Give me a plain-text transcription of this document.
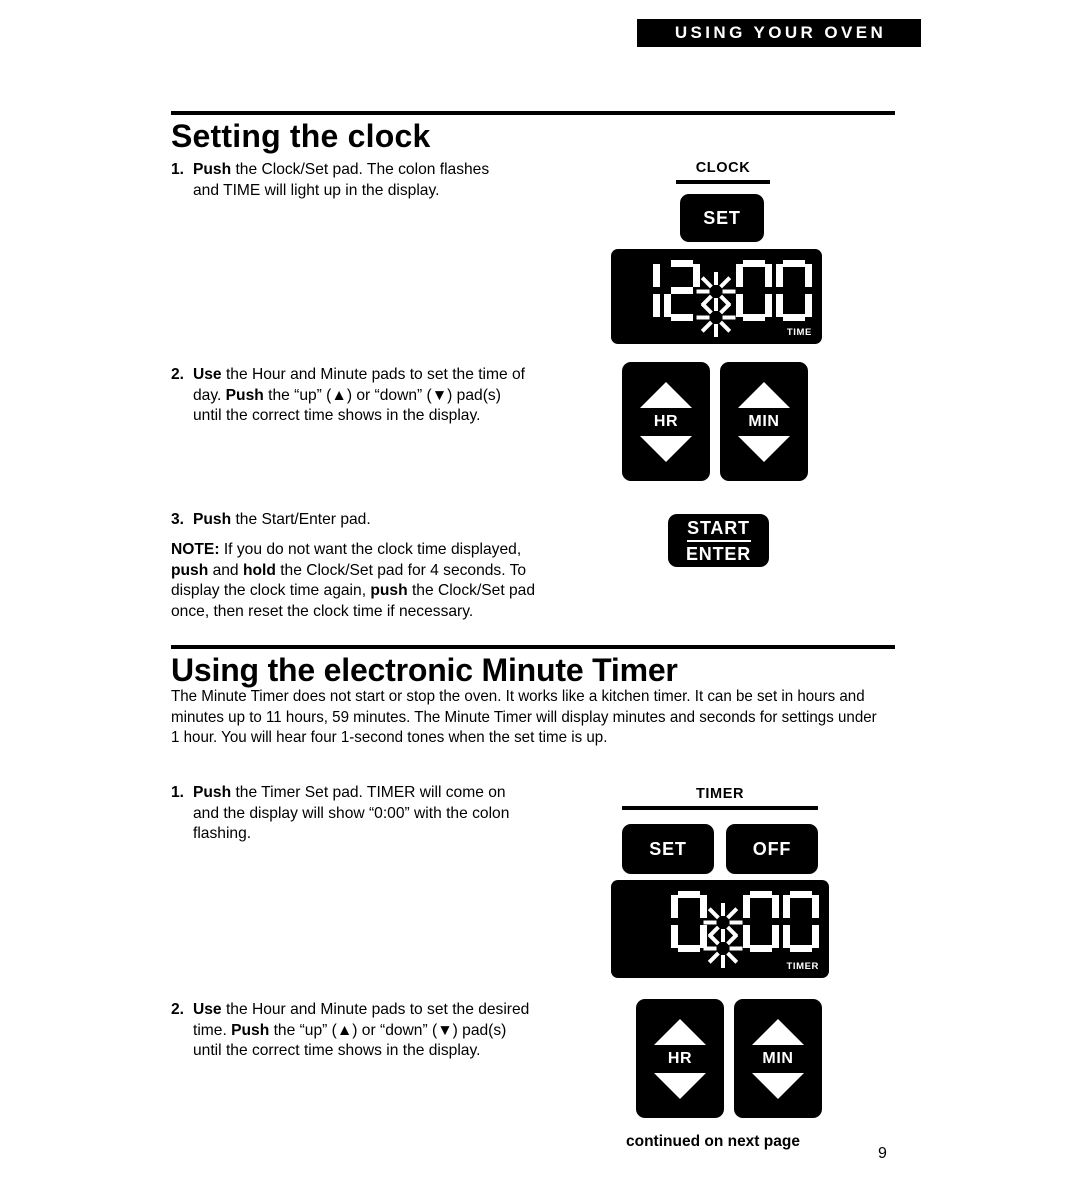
USING YOUR OVEN
Setting the clock
1. Push the Clock/Set pad. The colon flashes and TIME will light up in the display.
2. Use the Hour and Minute pads to set the time of day. Push the “up” (▲) or “down” (▼) pad(s) until the correct time shows in the display.
3. Push the Start/Enter pad.
NOTE: If you do not want the clock time displayed, push and hold the Clock/Set pad for 4 seconds. To display the clock time again, push the Clock/Set pad once, then reset the clock time if necessary.
CLOCK
SET
TIME
HR	MIN
START
ENTER
Using the electronic Minute Timer
The Minute Timer does not start or stop the oven. It works like a kitchen timer. It can be set in hours and minutes up to 11 hours, 59 minutes. The Minute Timer will display minutes and seconds for settings under 1 hour. You will hear four 1-second tones when the set time is up.
1. Push the Timer Set pad. TIMER will come on and the display will show “0:00” with the colon flashing.
2. Use the Hour and Minute pads to set the desired time. Push the “up” (▲) or “down” (▼) pad(s) until the correct time shows in the display.
TIMER
SET	OFF
TIMER
HR	MIN
continued on next page
9
